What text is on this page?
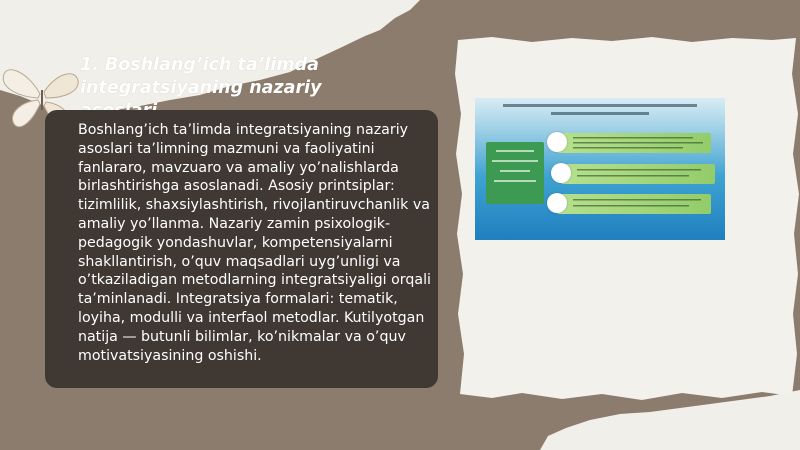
1. Boshlang’ich ta’limda integratsiyaning nazariy

Boshlang’ich ta’limda integratsiyaning nazariy asoslari ta’limning mazmuni va faoliyatini fanlararo, mavzuaro va amaliy yo’nalishlarda birlashtirishga asoslanadi. Asosiy printsiplar: tizimlilik, shaxsiylashtirish, rivojlantiruvchanlik va amaliy yo’llanma. Nazariy zamin psixologik-pedagogik yondashuvlar, kompetensiyalarni shakllantirish, o’quv maqsadlari uyg’unligi va o’tkaziladigan metodlarning integratsiyaligi orqali ta’minlanadi. Integratsiya formalari: tematik, loyiha, modulli va interfaol metodlar. Kutilyotgan natija — butunli bilimlar, ko’nikmalar va o’quv motivatsiyasining oshishi.
